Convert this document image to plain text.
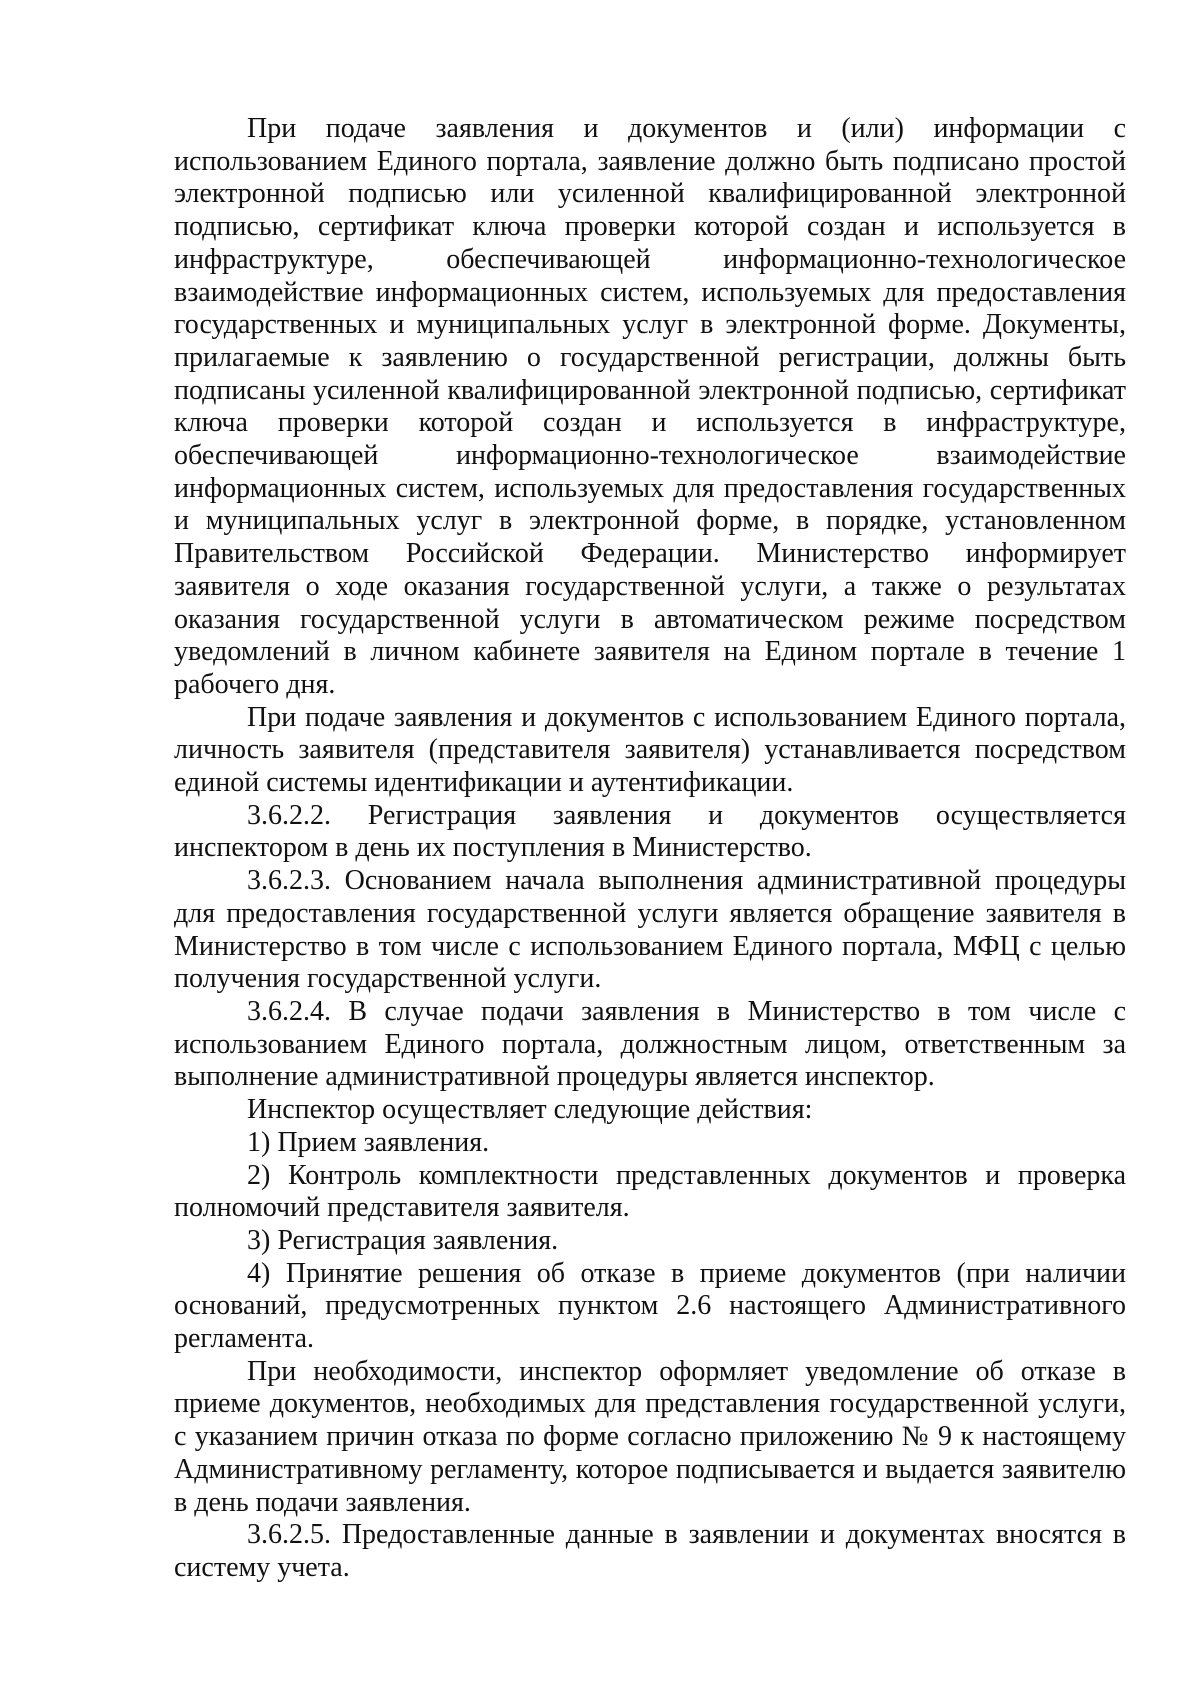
При подаче заявления и документов и (или) информации с использованием Единого портала, заявление должно быть подписано простой электронной подписью или усиленной квалифицированной электронной подписью, сертификат ключа проверки которой создан и используется в инфраструктуре, обеспечивающей информационно-технологическое взаимодействие информационных систем, используемых для предоставления государственных и муниципальных услуг в электронной форме. Документы, прилагаемые к заявлению о государственной регистрации, должны быть подписаны усиленной квалифицированной электронной подписью, сертификат ключа проверки которой создан и используется в инфраструктуре, обеспечивающей информационно-технологическое взаимодействие информационных систем, используемых для предоставления государственных и муниципальных услуг в электронной форме, в порядке, установленном Правительством Российской Федерации. Министерство информирует заявителя о ходе оказания государственной услуги, а также о результатах оказания государственной услуги в автоматическом режиме посредством уведомлений в личном кабинете заявителя на Едином портале в течение 1 рабочего дня.

При подаче заявления и документов с использованием Единого портала, личность заявителя (представителя заявителя) устанавливается посредством единой системы идентификации и аутентификации.

3.6.2.2. Регистрация заявления и документов осуществляется инспектором в день их поступления в Министерство.

3.6.2.3. Основанием начала выполнения административной процедуры для предоставления государственной услуги является обращение заявителя в Министерство в том числе с использованием Единого портала, МФЦ с целью получения государственной услуги.

3.6.2.4. В случае подачи заявления в Министерство в том числе с использованием Единого портала, должностным лицом, ответственным за выполнение административной процедуры является инспектор.

Инспектор осуществляет следующие действия:

1) Прием заявления.

2) Контроль комплектности представленных документов и проверка полномочий представителя заявителя.

3) Регистрация заявления.

4) Принятие решения об отказе в приеме документов (при наличии оснований, предусмотренных пунктом 2.6 настоящего Административного регламента.

При необходимости, инспектор оформляет уведомление об отказе в приеме документов, необходимых для представления государственной услуги, с указанием причин отказа по форме согласно приложению № 9 к настоящему Административному регламенту, которое подписывается и выдается заявителю в день подачи заявления.

3.6.2.5. Предоставленные данные в заявлении и документах вносятся в систему учета.
